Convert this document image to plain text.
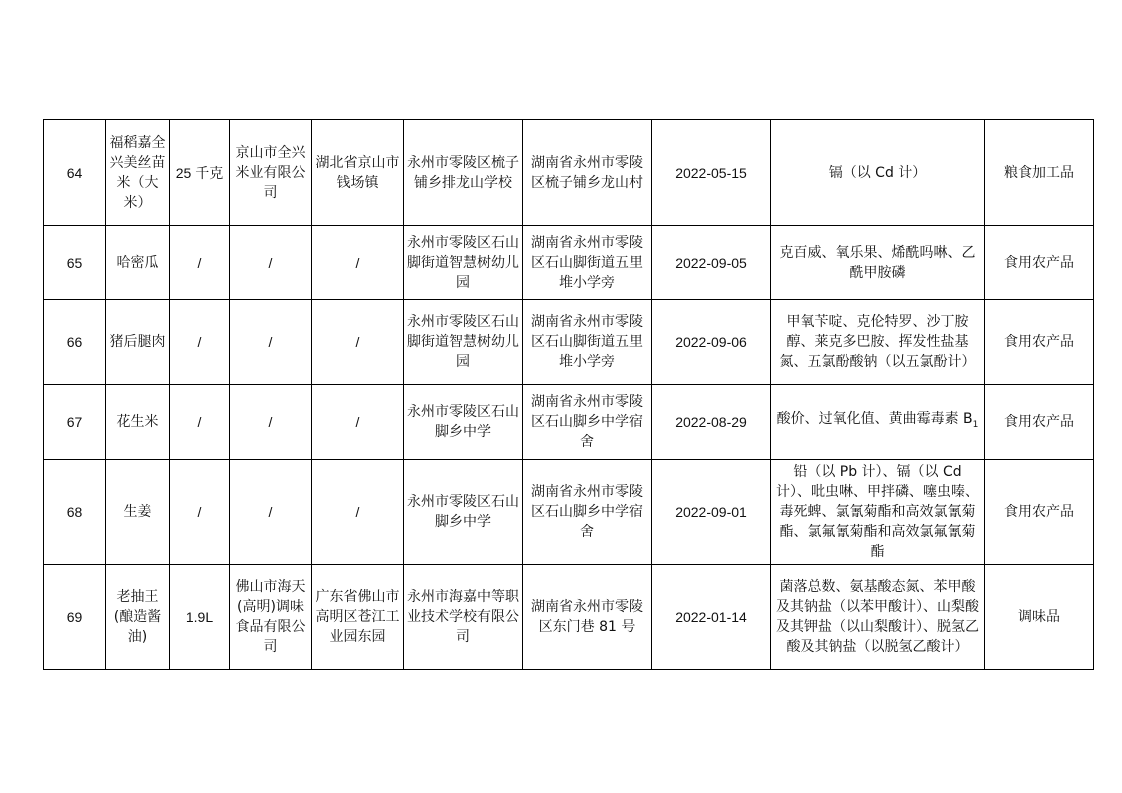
64	福稻嘉全兴美丝苗米（大米）	25 千克	京山市全兴米业有限公司	湖北省京山市钱场镇	永州市零陵区梳子铺乡排龙山学校	湖南省永州市零陵区梳子铺乡龙山村	2022-05-15	镉（以 Cd 计）	粮食加工品
65	哈密瓜	/	/	/	永州市零陵区石山脚街道智慧树幼儿园	湖南省永州市零陵区石山脚街道五里堆小学旁	2022-09-05	克百威、氧乐果、烯酰吗啉、乙酰甲胺磷	食用农产品
66	猪后腿肉	/	/	/	永州市零陵区石山脚街道智慧树幼儿园	湖南省永州市零陵区石山脚街道五里堆小学旁	2022-09-06	甲氧苄啶、克伦特罗、沙丁胺醇、莱克多巴胺、挥发性盐基氮、五氯酚酸钠（以五氯酚计）	食用农产品
67	花生米	/	/	/	永州市零陵区石山脚乡中学	湖南省永州市零陵区石山脚乡中学宿舍	2022-08-29	酸价、过氧化值、黄曲霉毒素 $B_1$	食用农产品
68	生姜	/	/	/	永州市零陵区石山脚乡中学	湖南省永州市零陵区石山脚乡中学宿舍	2022-09-01	铅（以 Pb 计）、镉（以 Cd 计）、吡虫啉、甲拌磷、噻虫嗪、毒死蜱、氯氰菊酯和高效氯氰菊酯、氯氟氰菊酯和高效氯氟氰菊酯	食用农产品
69	老抽王(酿造酱油)	1.9L	佛山市海天(高明)调味食品有限公司	广东省佛山市高明区苍江工业园东园	永州市海嘉中等职业技术学校有限公司	湖南省永州市零陵区东门巷 81 号	2022-01-14	菌落总数、氨基酸态氮、苯甲酸及其钠盐（以苯甲酸计）、山梨酸及其钾盐（以山梨酸计）、脱氢乙酸及其钠盐（以脱氢乙酸计）	调味品
